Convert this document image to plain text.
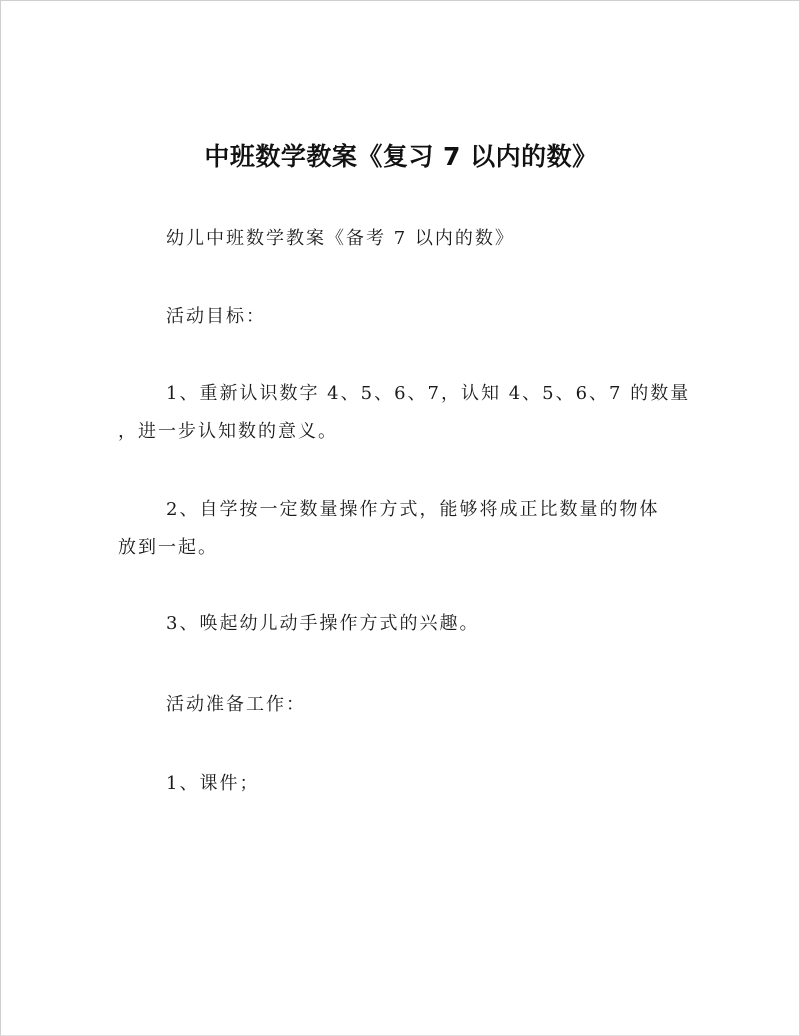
中班数学教案《复习 7 以内的数》
幼儿中班数学教案《备考 7 以内的数》
活动目标：
1、重新认识数字 4、5、6、7，认知 4、5、6、7 的数量
，进一步认知数的意义。
2、自学按一定数量操作方式，能够将成正比数量的物体
放到一起。
3、唤起幼儿动手操作方式的兴趣。
活动准备工作：
1、课件；
